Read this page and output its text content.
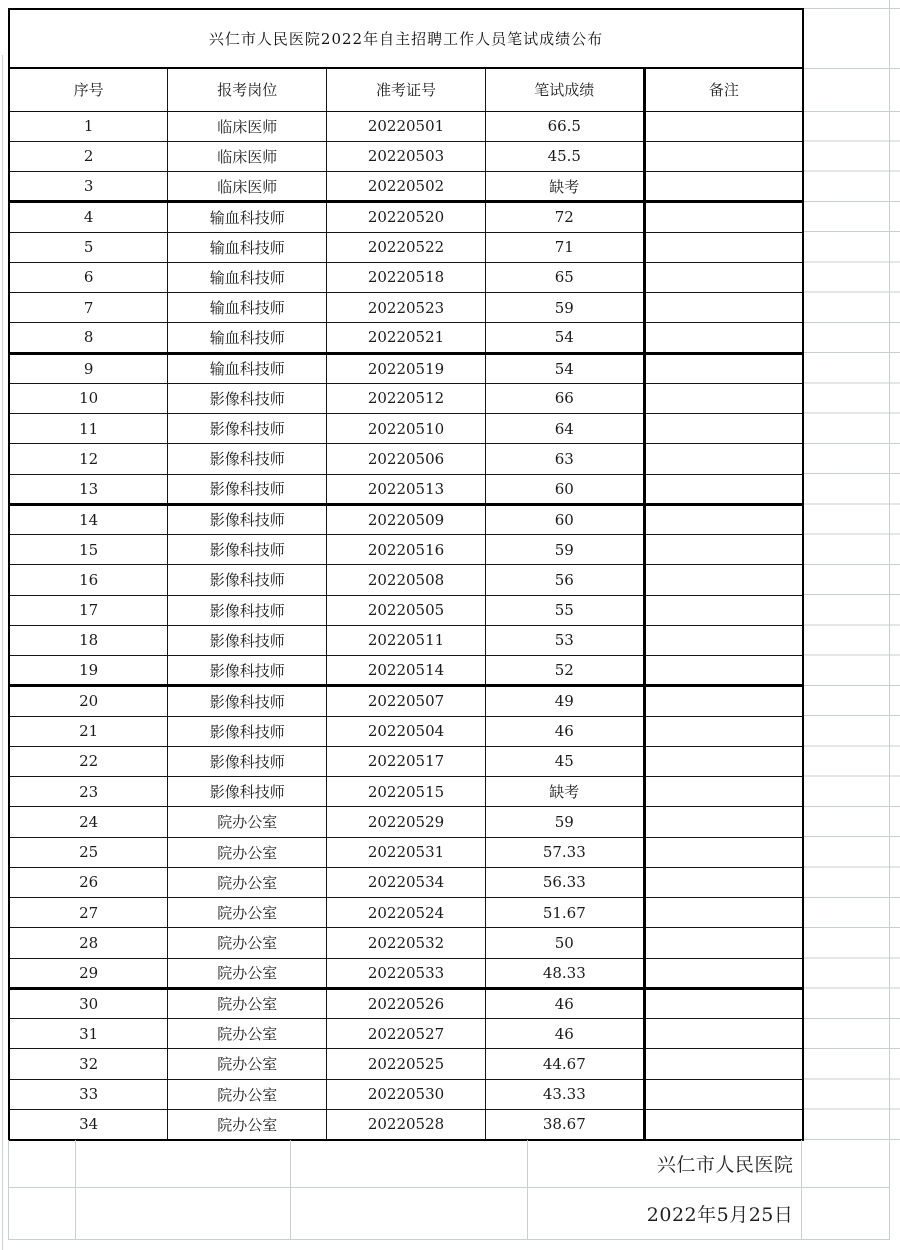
兴仁市人民医院2022年自主招聘工作人员笔试成绩公布				
序号	报考岗位	准考证号	笔试成绩	备注
1	临床医师	20220501	66.5	
2	临床医师	20220503	45.5	
3	临床医师	20220502	缺考	
4	输血科技师	20220520	72	
5	输血科技师	20220522	71	
6	输血科技师	20220518	65	
7	输血科技师	20220523	59	
8	输血科技师	20220521	54	
9	输血科技师	20220519	54	
10	影像科技师	20220512	66	
11	影像科技师	20220510	64	
12	影像科技师	20220506	63	
13	影像科技师	20220513	60	
14	影像科技师	20220509	60	
15	影像科技师	20220516	59	
16	影像科技师	20220508	56	
17	影像科技师	20220505	55	
18	影像科技师	20220511	53	
19	影像科技师	20220514	52	
20	影像科技师	20220507	49	
21	影像科技师	20220504	46	
22	影像科技师	20220517	45	
23	影像科技师	20220515	缺考	
24	院办公室	20220529	59	
25	院办公室	20220531	57.33	
26	院办公室	20220534	56.33	
27	院办公室	20220524	51.67	
28	院办公室	20220532	50	
29	院办公室	20220533	48.33	
30	院办公室	20220526	46	
31	院办公室	20220527	46	
32	院办公室	20220525	44.67	
33	院办公室	20220530	43.33	
34	院办公室	20220528	38.67	
兴仁市人民医院
2022年5月25日
